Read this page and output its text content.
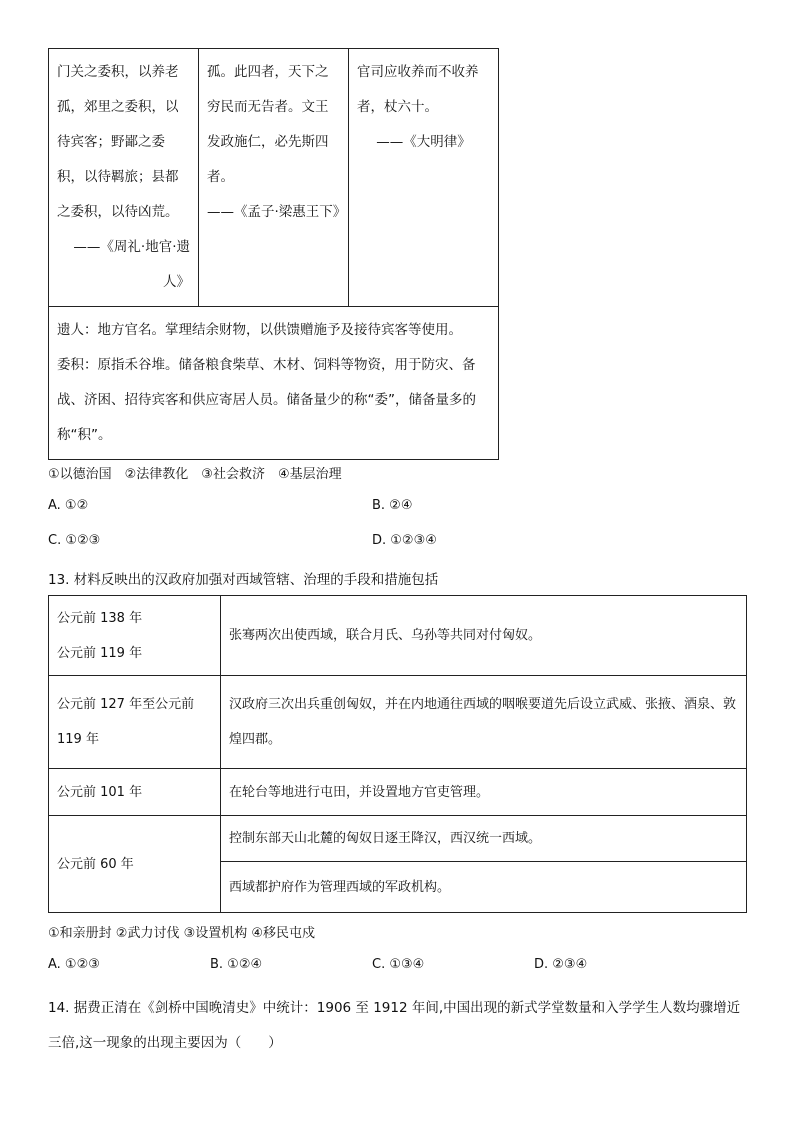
门关之委积，以养老孤，郊里之委积，以待宾客；野鄙之委积，以待羁旅；县都之委积，以待凶荒。
——《周礼·地官·遗人》

孤。此四者，天下之穷民而无告者。文王发政施仁，必先斯四者。
——《孟子·梁惠王下》

官司应收养而不收养者，杖六十。
——《大明律》

遗人：地方官名。掌理结余财物，以供馈赠施予及接待宾客等使用。
委积：原指禾谷堆。储备粮食柴草、木材、饲料等物资，用于防灾、备战、济困、招待宾客和供应寄居人员。储备量少的称“委”，储备量多的称“积”。
①以德治国　②法律教化　③社会救济　④基层治理
A. ①②	B. ②④
C. ①②③	D. ①②③④
13. 材料反映出的汉政府加强对西域管辖、治理的手段和措施包括
公元前 138 年
公元前 119 年	张骞两次出使西域，联合月氏、乌孙等共同对付匈奴。

公元前 127 年至公元前
119 年	汉政府三次出兵重创匈奴，并在内地通往西域的咽喉要道先后设立武威、张掖、酒泉、敦煌四郡。
公元前 101 年	在轮台等地进行屯田，并设置地方官吏管理。
公元前 60 年	控制东部天山北麓的匈奴日逐王降汉，西汉统一西域。
	西域都护府作为管理西域的军政机构。
①和亲册封 ②武力讨伐 ③设置机构 ④移民屯戍
A. ①②③	B. ①②④	C. ①③④	D. ②③④
14. 据费正清在《剑桥中国晚清史》中统计：1906 至 1912 年间,中国出现的新式学堂数量和入学学生人数均骤增近三倍,这一现象的出现主要因为（　　）
